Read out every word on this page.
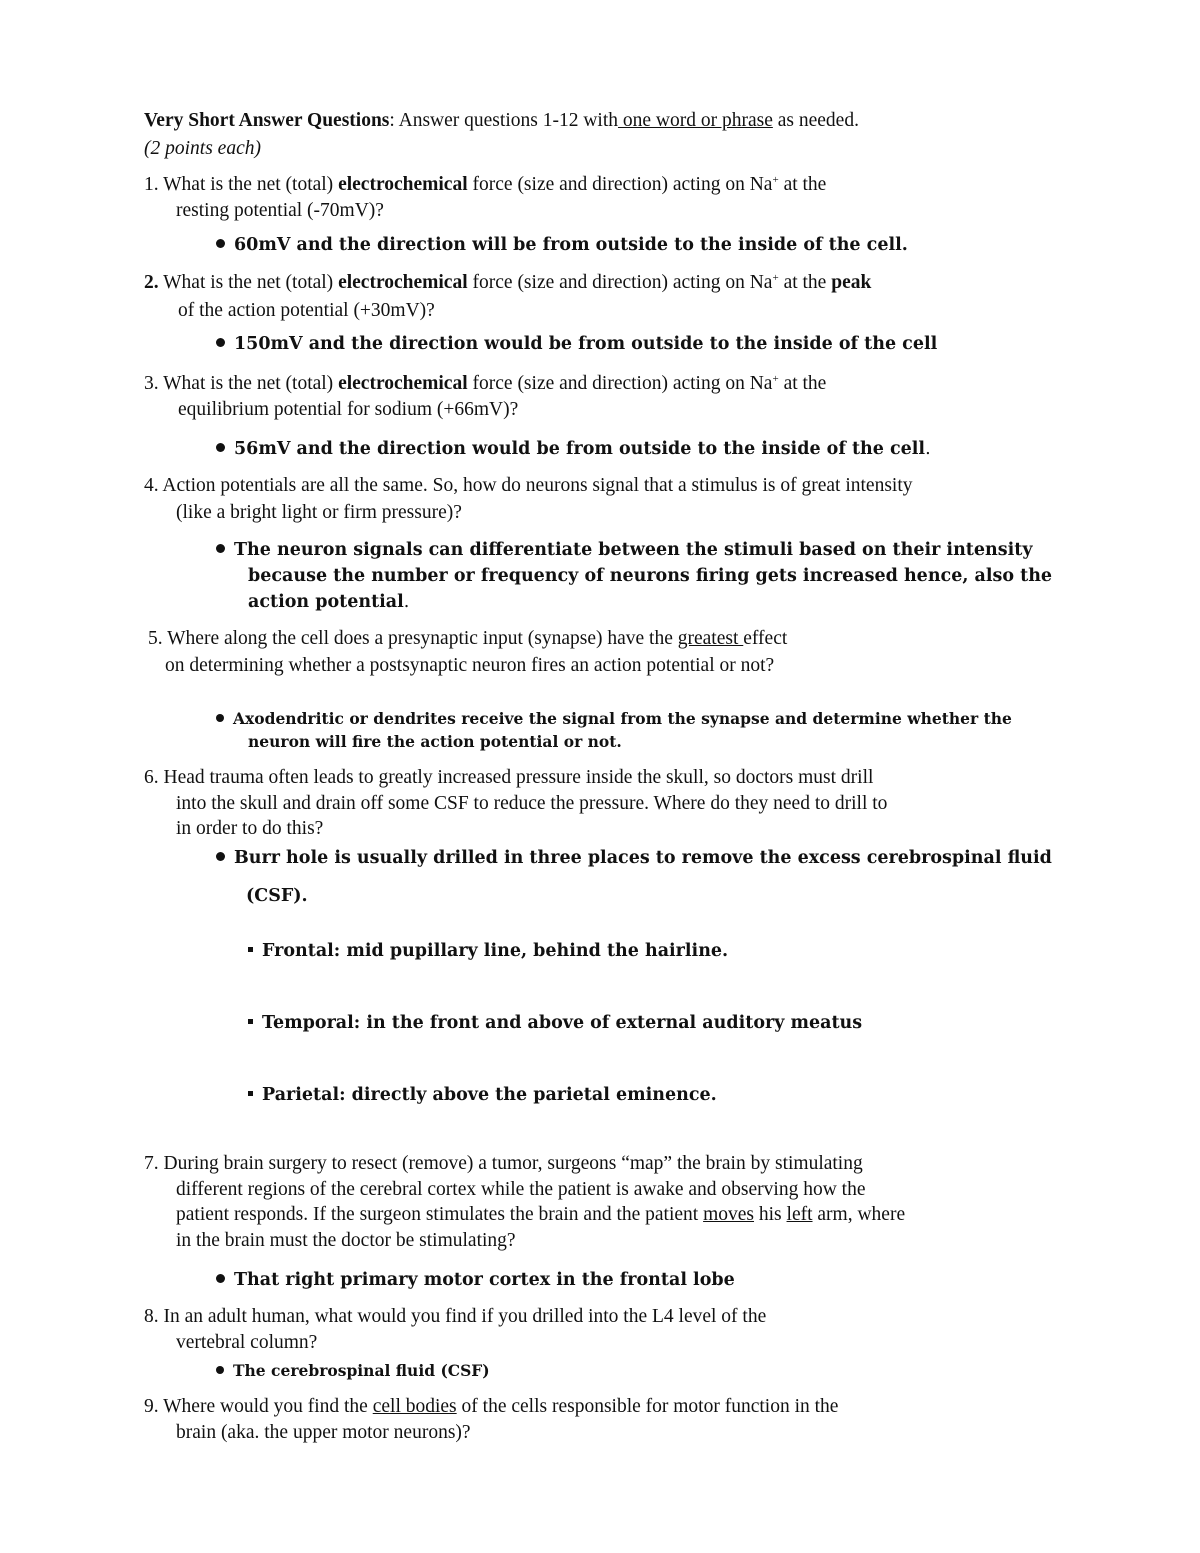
Very Short Answer Questions: Answer questions 1-12 with one word or phrase as needed.
(2 points each)
1. What is the net (total) electrochemical force (size and direction) acting on Na+ at the
resting potential (-70mV)?
60mV and the direction will be from outside to the inside of the cell.
2. What is the net (total) electrochemical force (size and direction) acting on Na+ at the peak
of the action potential (+30mV)?
150mV and the direction would be from outside to the inside of the cell
3. What is the net (total) electrochemical force (size and direction) acting on Na+ at the
equilibrium potential for sodium (+66mV)?
56mV and the direction would be from outside to the inside of the cell.
4. Action potentials are all the same. So, how do neurons signal that a stimulus is of great intensity
(like a bright light or firm pressure)?
The neuron signals can differentiate between the stimuli based on their intensity
because the number or frequency of neurons firing gets increased hence, also the
action potential.
5. Where along the cell does a presynaptic input (synapse) have the greatest effect
on determining whether a postsynaptic neuron fires an action potential or not?
Axodendritic or dendrites receive the signal from the synapse and determine whether the
neuron will fire the action potential or not.
6. Head trauma often leads to greatly increased pressure inside the skull, so doctors must drill
into the skull and drain off some CSF to reduce the pressure. Where do they need to drill to
in order to do this?
Burr hole is usually drilled in three places to remove the excess cerebrospinal fluid
(CSF).
Frontal: mid pupillary line, behind the hairline.
Temporal: in the front and above of external auditory meatus
Parietal: directly above the parietal eminence.
7. During brain surgery to resect (remove) a tumor, surgeons “map” the brain by stimulating
different regions of the cerebral cortex while the patient is awake and observing how the
patient responds. If the surgeon stimulates the brain and the patient moves his left arm, where
in the brain must the doctor be stimulating?
That right primary motor cortex in the frontal lobe
8. In an adult human, what would you find if you drilled into the L4 level of the
vertebral column?
The cerebrospinal fluid (CSF)
9. Where would you find the cell bodies of the cells responsible for motor function in the
brain (aka. the upper motor neurons)?
